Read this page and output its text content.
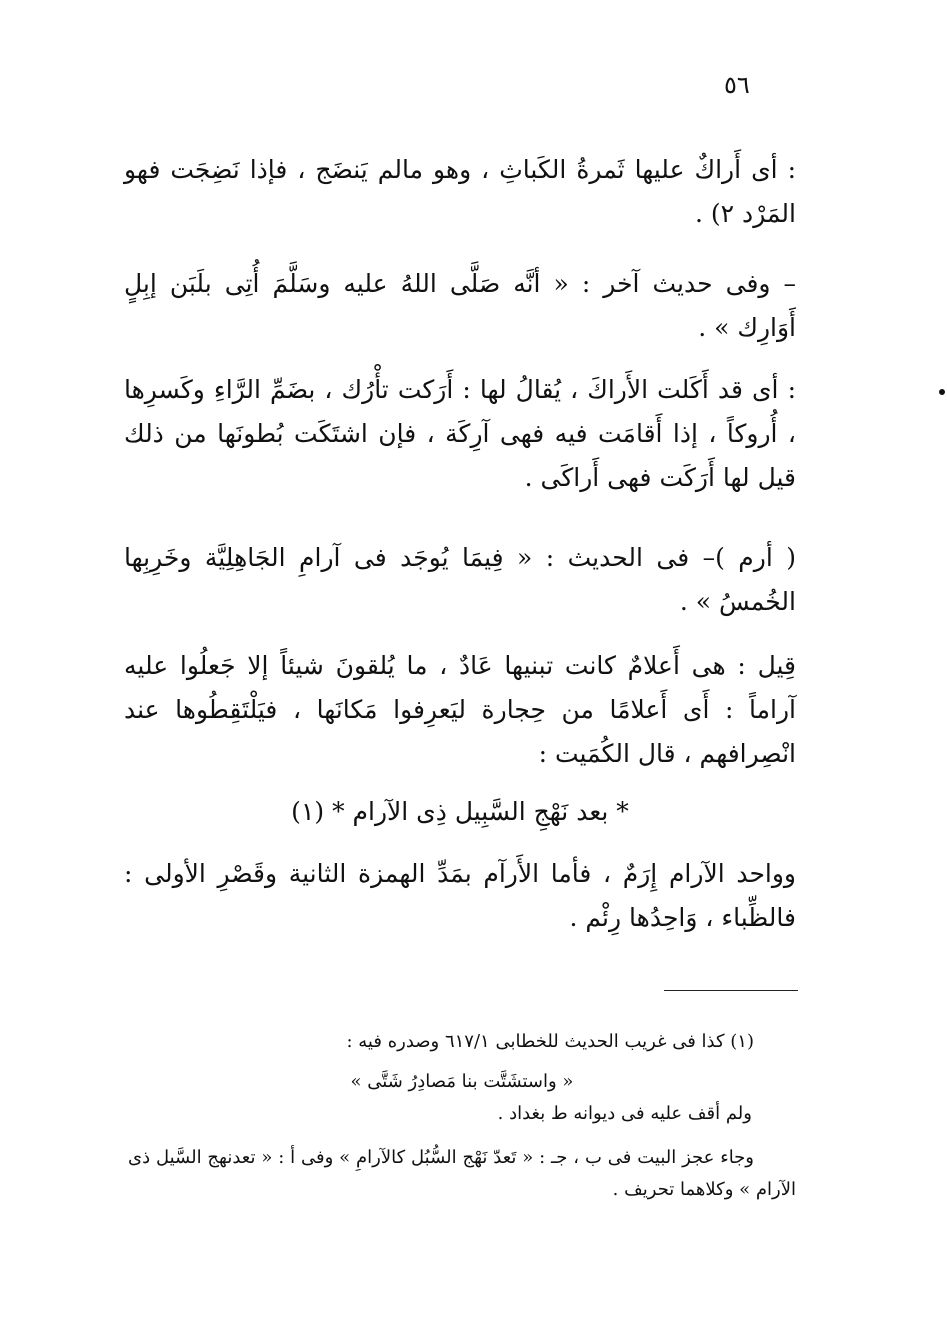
٥٦

: أى أَراكٌ عليها ثَمرةُ الكَباثِ ، وهو مالم يَنضَج ، فإذا نَضِجَت فهو المَرْد ٢) .

– وفى حديث آخر : « أنَّه صَلَّى اللهُ عليه وسَلَّمَ أُتِى بلَبَن إبِلٍ أَوَارِك » .

: أى قد أَكَلت الأَراكَ ، يُقالُ لها : أَرَكت تأْرُك ، بضَمِّ الرَّاءِ وكَسرِها ، أُروكاً ، إذا أَقامَت فيه فهى آرِكَة ، فإن اشتَكَت بُطونَها من ذلك قيل لها أَرَكَت فهى أَراكَى .

( أرم )– فى الحديث : « فِيمَا يُوجَد فى آرامِ الجَاهِلِيَّة وخَرِبِها الخُمسُ » .

قِيل : هى أَعلامٌ كانت تبنيها عَادٌ ، ما يُلقونَ شيئاً إلا جَعلُوا عليه آراماً : أَى أَعلامًا من حِجارة ليَعرِفوا مَكانَها ، فيَلْتَقِطُوها عند انْصِرافهم ، قال الكُمَيت :

* بعد نَهْجِ السَّبِيل ذِى الآرام * (١)

وواحد الآرام إِرَمٌ ، فأما الأَرآم بمَدِّ الهمزة الثانية وقَصْرِ الأولى : فالظِّباء ، وَاحِدُها رِئْم .

(١) كذا فى غريب الحديث للخطابى ٦١٧/١ وصدره فيه :

« واستشَتَّت بنا مَصادِرُ شَتَّى »

ولم أقف عليه فى ديوانه ط بغداد .

وجاء عجز البيت فى ب ، جـ : « تَعدّ نَهْج السُّبُل كالآرامِ » وفى أ : « تعدنهج السَّيل ذى الآرام » وكلاهما تحريف .
